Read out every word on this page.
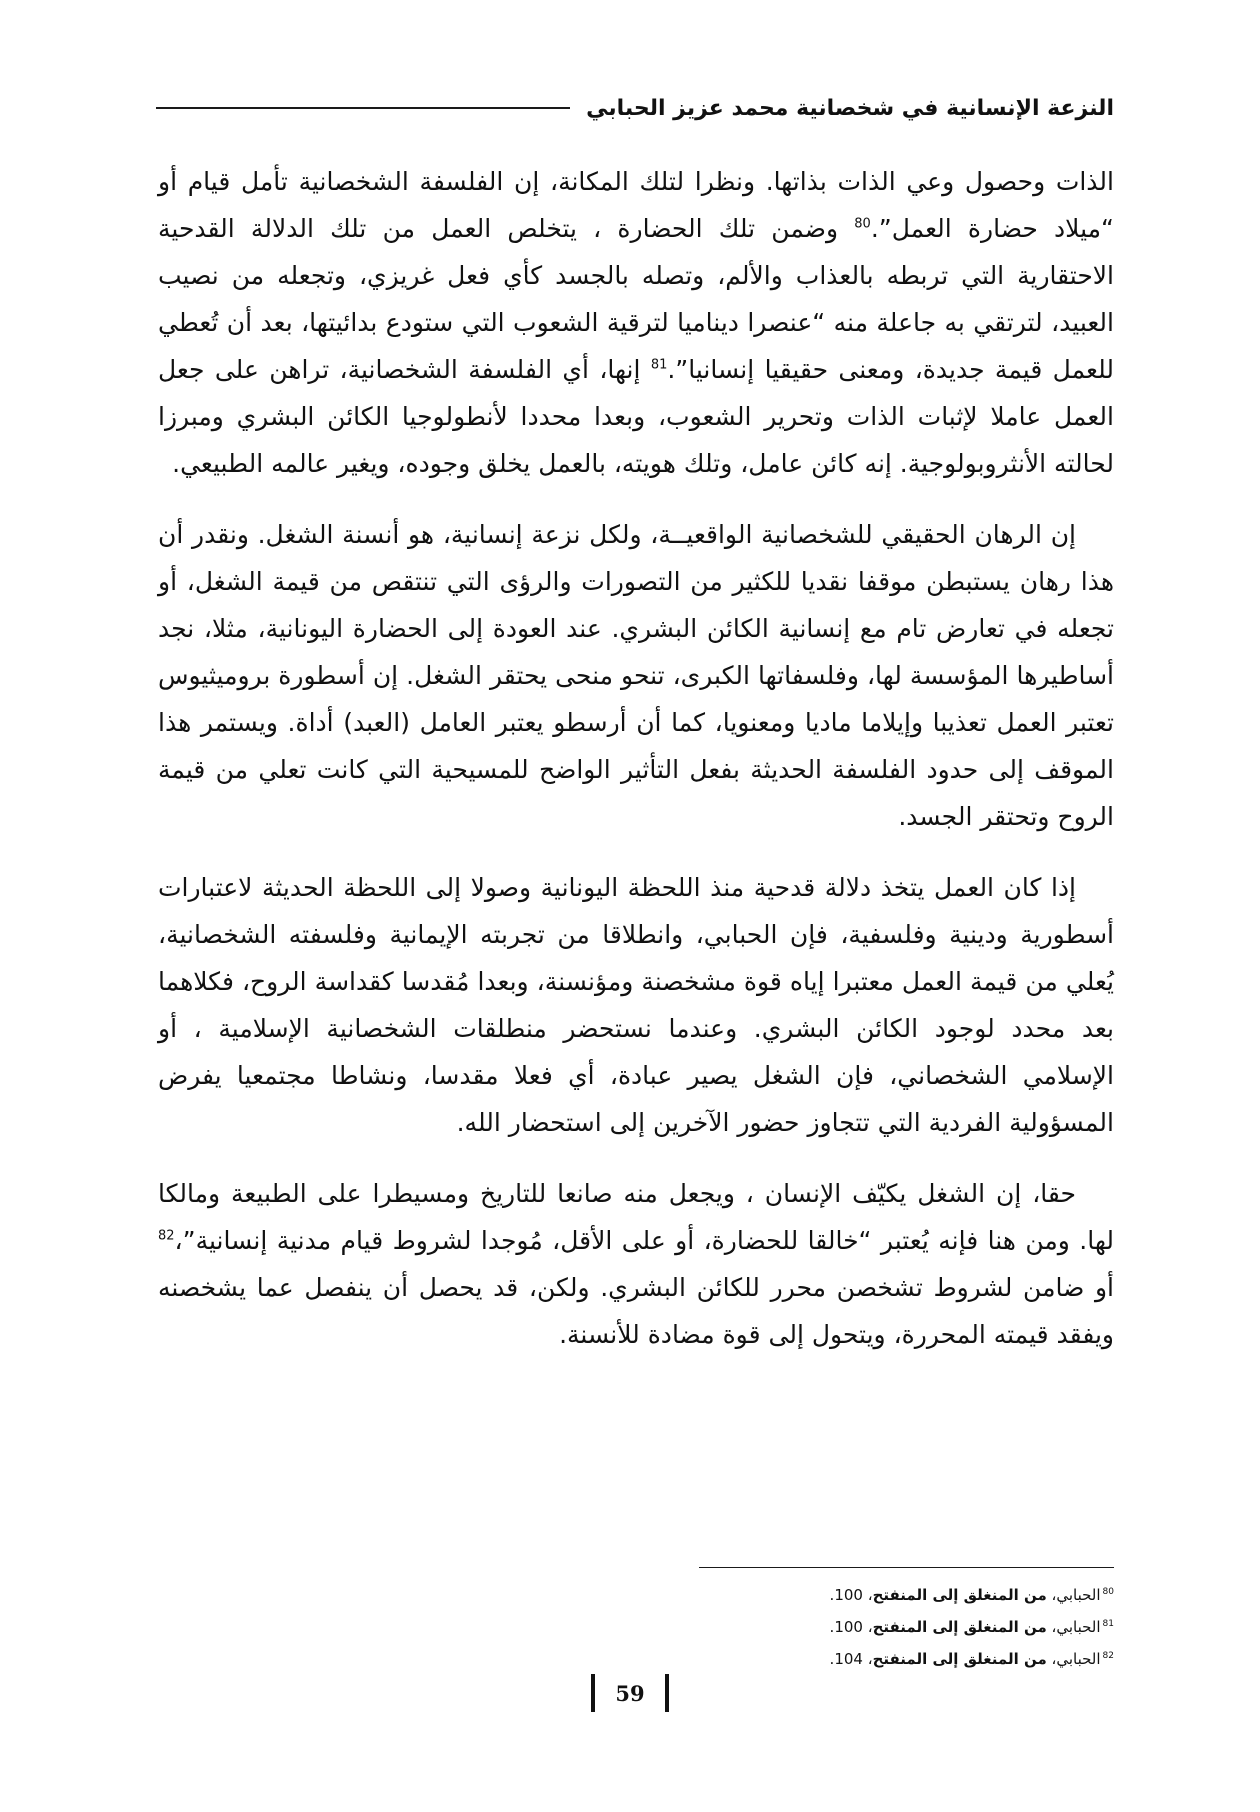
النزعة الإنسانية في شخصانية محمد عزيز الحبابي

الذات وحصول وعي الذات بذاتها. ونظرا لتلك المكانة، إن الفلسفة الشخصانية تأمل قيام أو “ميلاد حضارة العمل”.$^{80}$ وضمن تلك الحضارة ، يتخلص العمل من تلك الدلالة القدحية الاحتقارية التي تربطه بالعذاب والألم، وتصله بالجسد كأي فعل غريزي، وتجعله من نصيب العبيد، لترتقي به جاعلة منه “عنصرا ديناميا لترقية الشعوب التي ستودع بدائيتها، بعد أن تُعطي للعمل قيمة جديدة، ومعنى حقيقيا إنسانيا”.$^{81}$ إنها، أي الفلسفة الشخصانية، تراهن على جعل العمل عاملا لإثبات الذات وتحرير الشعوب، وبعدا محددا لأنطولوجيا الكائن البشري ومبرزا لحالته الأنثروبولوجية. إنه كائن عامل، وتلك هويته، بالعمل يخلق وجوده، ويغير عالمه الطبيعي.

إن الرهان الحقيقي للشخصانية الواقعيــة، ولكل نزعة إنسانية، هو أنسنة الشغل. ونقدر أن هذا رهان يستبطن موقفا نقديا للكثير من التصورات والرؤى التي تنتقص من قيمة الشغل، أو تجعله في تعارض تام مع إنسانية الكائن البشري. عند العودة إلى الحضارة اليونانية، مثلا، نجد أساطيرها المؤسسة لها، وفلسفاتها الكبرى، تنحو منحى يحتقر الشغل. إن أسطورة بروميثيوس تعتبر العمل تعذيبا وإيلاما ماديا ومعنويا، كما أن أرسطو يعتبر العامل (العبد) أداة. ويستمر هذا الموقف إلى حدود الفلسفة الحديثة بفعل التأثير الواضح للمسيحية التي كانت تعلي من قيمة الروح وتحتقر الجسد.

إذا كان العمل يتخذ دلالة قدحية منذ اللحظة اليونانية وصولا إلى اللحظة الحديثة لاعتبارات أسطورية ودينية وفلسفية، فإن الحبابي، وانطلاقا من تجربته الإيمانية وفلسفته الشخصانية، يُعلي من قيمة العمل معتبرا إياه قوة مشخصنة ومؤنسنة، وبعدا مُقدسا كقداسة الروح، فكلاهما بعد محدد لوجود الكائن البشري. وعندما نستحضر منطلقات الشخصانية الإسلامية ، أو الإسلامي الشخصاني، فإن الشغل يصير عبادة، أي فعلا مقدسا، ونشاطا مجتمعيا يفرض المسؤولية الفردية التي تتجاوز حضور الآخرين إلى استحضار الله.

حقا، إن الشغل يكيّف الإنسان ، ويجعل منه صانعا للتاريخ ومسيطرا على الطبيعة ومالكا لها. ومن هنا فإنه يُعتبر “خالقا للحضارة، أو على الأقل، مُوجدا لشروط قيام مدنية إنسانية”،$^{82}$ أو ضامن لشروط تشخصن محرر للكائن البشري. ولكن، قد يحصل أن ينفصل عما يشخصنه ويفقد قيمته المحررة، ويتحول إلى قوة مضادة للأنسنة.

$^{80}$الحبابي، من المنغلق إلى المنفتح، 100.
$^{81}$الحبابي، من المنغلق إلى المنفتح، 100.
$^{82}$الحبابي، من المنغلق إلى المنفتح، 104.
59
